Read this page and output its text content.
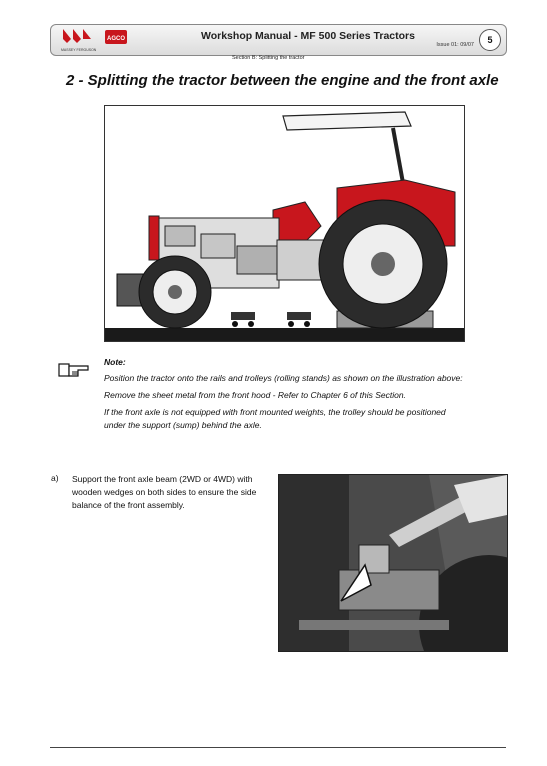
AGCO
MASSEY FERGUSON
Workshop Manual - MF 500 Series Tractors
Issue 01: 09/07	5
Section B: Splitting the tractor
2 - Splitting the tractor between the engine and the front axle
Note:

Position the tractor onto the rails and trolleys (rolling stands) as shown on the illustration above:

Remove the sheet metal from the front hood - Refer to Chapter 6 of this Section.

If the front axle is not equipped with front mounted weights, the trolley should be positioned under the support (sump) behind the axle.

a) Support the front axle beam (2WD or 4WD) with wooden wedges on both sides to ensure the side balance of the front assembly.
